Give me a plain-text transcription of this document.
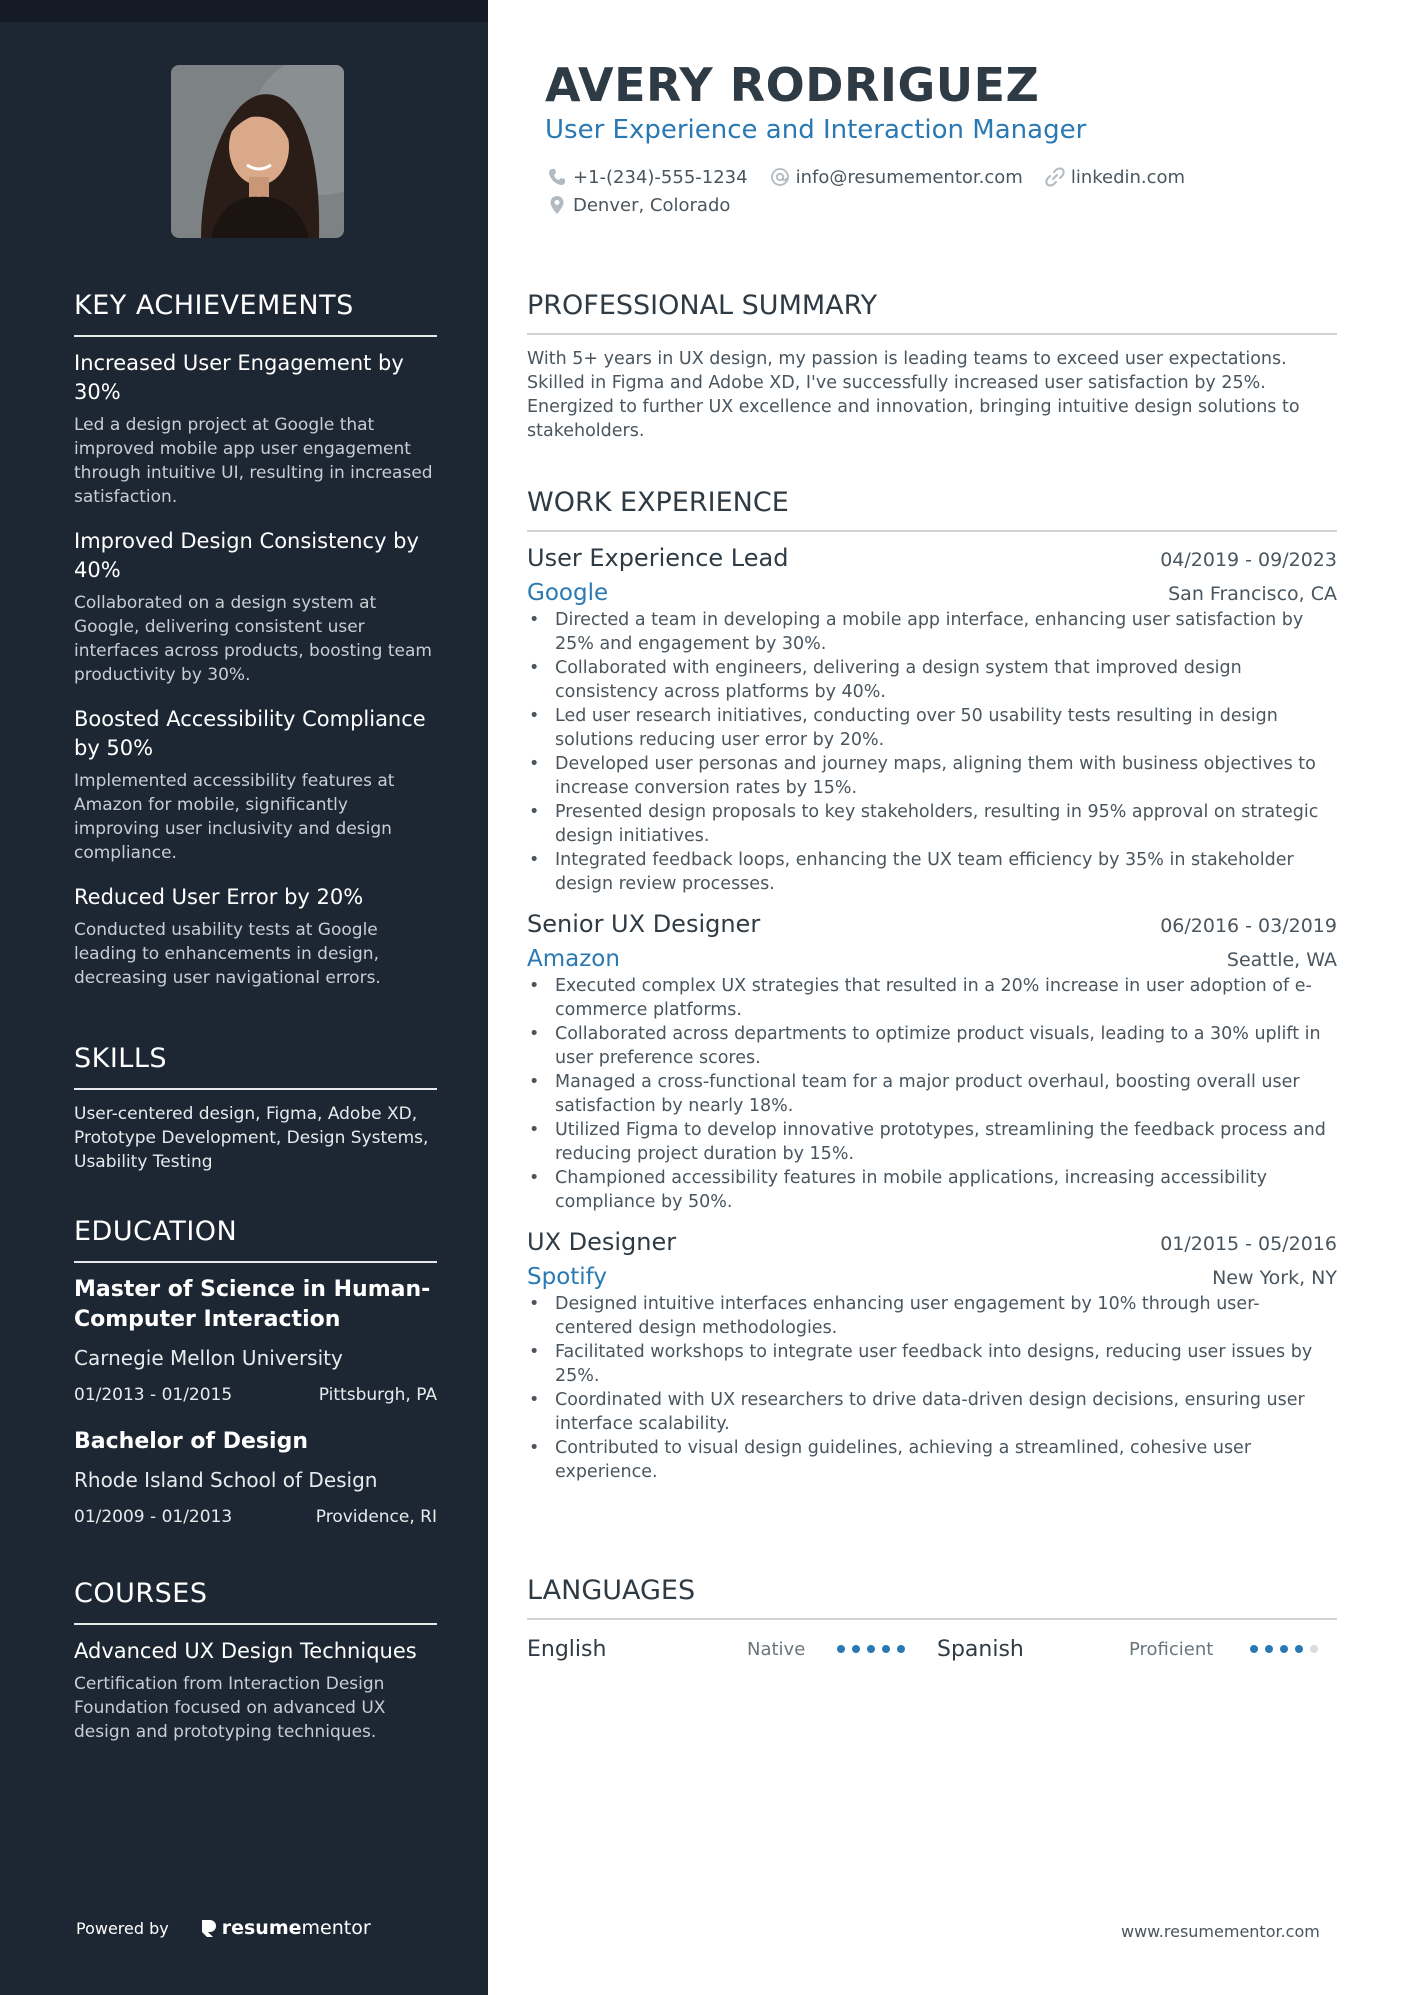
KEY ACHIEVEMENTS
Increased User Engagement by 30%
Led a design project at Google that improved mobile app user engagement through intuitive UI, resulting in increased satisfaction.
Improved Design Consistency by 40%
Collaborated on a design system at Google, delivering consistent user interfaces across products, boosting team productivity by 30%.
Boosted Accessibility Compliance by 50%
Implemented accessibility features at Amazon for mobile, significantly improving user inclusivity and design compliance.
Reduced User Error by 20%
Conducted usability tests at Google leading to enhancements in design, decreasing user navigational errors.
SKILLS
User-centered design, Figma, Adobe XD, Prototype Development, Design Systems, Usability Testing
EDUCATION
Master of Science in Human-Computer Interaction
Carnegie Mellon University
01/2013 - 01/2015	Pittsburgh, PA
Bachelor of Design
Rhode Island School of Design
01/2009 - 01/2013	Providence, RI
COURSES
Advanced UX Design Techniques
Certification from Interaction Design Foundation focused on advanced UX design and prototyping techniques.
Powered by	resumementor
AVERY RODRIGUEZ
User Experience and Interaction Manager
+1-(234)-555-1234	info@resumementor.com	linkedin.com
Denver, Colorado
PROFESSIONAL SUMMARY
With 5+ years in UX design, my passion is leading teams to exceed user expectations. Skilled in Figma and Adobe XD, I've successfully increased user satisfaction by 25%. Energized to further UX excellence and innovation, bringing intuitive design solutions to stakeholders.
WORK EXPERIENCE
User Experience Lead	04/2019 - 09/2023
Google	San Francisco, CA
• Directed a team in developing a mobile app interface, enhancing user satisfaction by 25% and engagement by 30%.
• Collaborated with engineers, delivering a design system that improved design consistency across platforms by 40%.
• Led user research initiatives, conducting over 50 usability tests resulting in design solutions reducing user error by 20%.
• Developed user personas and journey maps, aligning them with business objectives to increase conversion rates by 15%.
• Presented design proposals to key stakeholders, resulting in 95% approval on strategic design initiatives.
• Integrated feedback loops, enhancing the UX team efficiency by 35% in stakeholder design review processes.
Senior UX Designer	06/2016 - 03/2019
Amazon	Seattle, WA
• Executed complex UX strategies that resulted in a 20% increase in user adoption of e-commerce platforms.
• Collaborated across departments to optimize product visuals, leading to a 30% uplift in user preference scores.
• Managed a cross-functional team for a major product overhaul, boosting overall user satisfaction by nearly 18%.
• Utilized Figma to develop innovative prototypes, streamlining the feedback process and reducing project duration by 15%.
• Championed accessibility features in mobile applications, increasing accessibility compliance by 50%.
UX Designer	01/2015 - 05/2016
Spotify	New York, NY
• Designed intuitive interfaces enhancing user engagement by 10% through user-centered design methodologies.
• Facilitated workshops to integrate user feedback into designs, reducing user issues by 25%.
• Coordinated with UX researchers to drive data-driven design decisions, ensuring user interface scalability.
• Contributed to visual design guidelines, achieving a streamlined, cohesive user experience.
LANGUAGES
English	Native	Spanish	Proficient
www.resumementor.com
